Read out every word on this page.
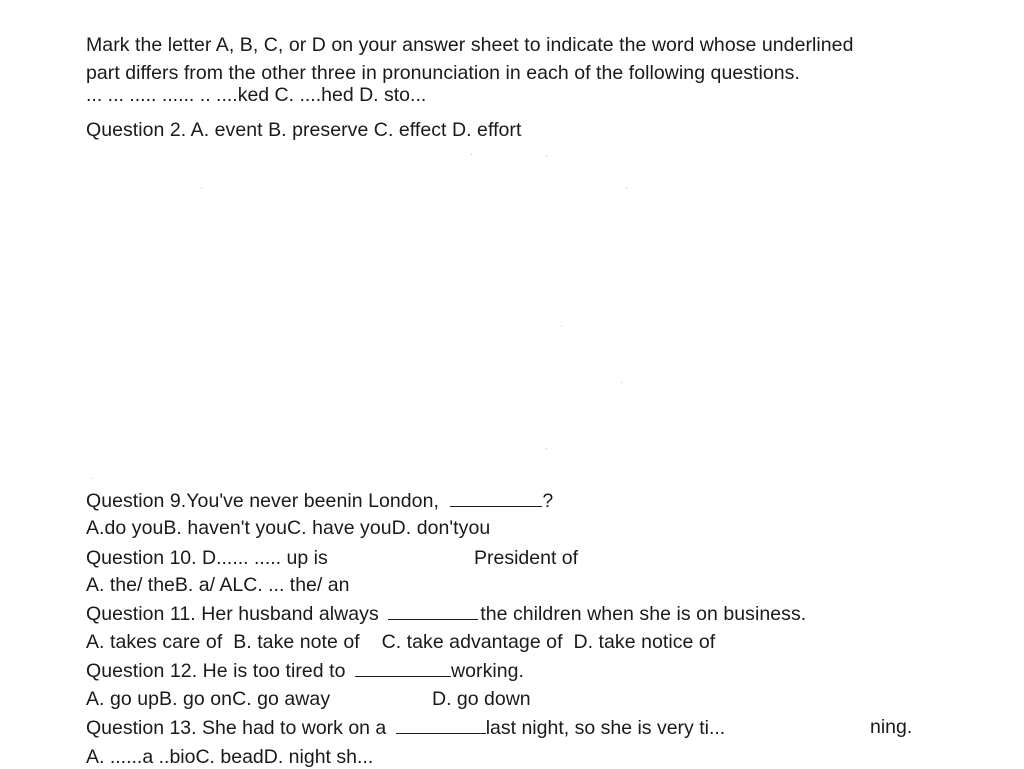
Mark the letter A, B, C, or D on your answer sheet to indicate the word whose underlined
part differs from the other three in pronunciation in each of the following questions.
... ... ..... ...... .. ....ked C. ....hed D. sto...
Question 2. A. event B. preserve C. effect D. effort
.	.
.	.
.
.
.
.
Question 9.You've never beenin London,	?
A.do youB. haven't youC. have youD. don'tyou
Question 10. D...... ..... up is	President of
A. the/ theB. a/ ALC. ... the/ an
Question 11. Her husband always	the children when she is on business.
A. takes care of  B. take note of    C. take advantage of  D. take notice of
Question 12. He is too tired to	working.
A. go upB. go onC. go away	D. go down
Question 13. She had to work on a	last night, so she is very ti...	ning.
A. ......a ..bioC. beadD. night sh...
